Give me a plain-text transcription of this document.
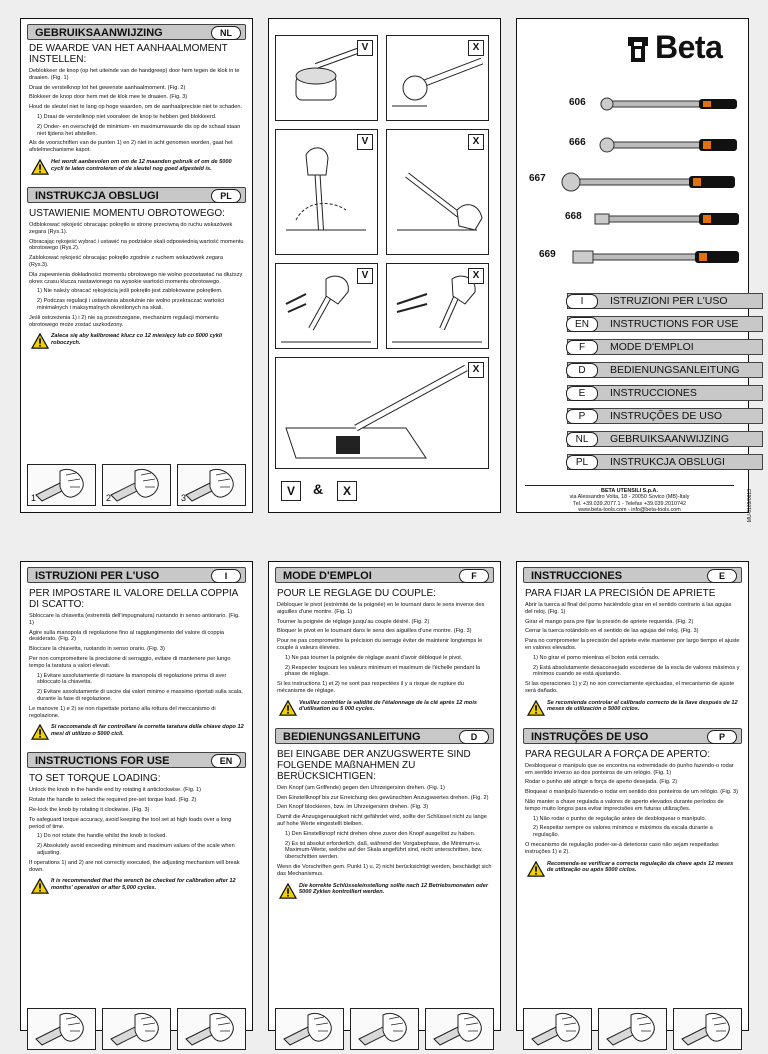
GEBRUIKSAANWIJZING	NL
DE WAARDE VAN HET AANHAALMOMENT INSTELLEN:
Deblokkeer de knop (op het uiteinde van de handgreep) door hem tegen de klok in te draaien. (Fig. 1)
Draai de verstelknop tot het gewenste aanhaalmoment. (Fig. 2)
Blokkeer de knop door hem met de klok mee te draaien. (Fig. 3)
Houd de sleutel niet te lang op hoge waarden, om de aanhaalprecisie niet te schaden.
1) Draai de verstelknop niet vooraleer de knop te hebben ged blokkeerd.
2) Onder- en overschrijd de minimum- en maximumwaarde dis op de schaal staan niet tijdens het afstellen.
Als de voorschriften van de punten 1) en 2) niet in acht genomen worden, gaat het afstelmechanisme kapot.
Het wordt aanbevolen om om de 12 maanden gebruik of om de 5000 cycli te laten controleren of de sleutel nog goed afgesteld is.
INSTRUKCJA OBSLUGI	PL
USTAWIENIE MOMENTU OBROTOWEGO:
Odblokować rękojeść obracając pokrętło w stronę przeciwną do ruchu wskazówek zegara (Rys.1).
Obracając rękojeść wybrać i ustawić na podziałce skali odpowiednią wartość momentu obrotowego (Rys.2).
Zablokować rękojeść obracając pokrętło zgodnie z ruchem wskazówek zegara (Rys.3).
Dla zapewnienia dokładności momentu obrotowego nie wolno pozostawiać na dłuższy okres czasu klucza nastawionego na wysokie wartości momentu obrotowego.
1) Nie należy obracać rękojeścią jeśli pokrętło jest zablokowane pokrętłem.
2) Podczas regulacji i ustawiania absolutnie nie wolno przekraczać wartości minimalnych i maksymalnych określonych na skali.
Jeśli ostrzeżenia 1) i 2) nie są przestrzegane, mechanizm regulacji momentu obrotowego może zostać uszkodzony.
Zaleca się aby kalibrować klucz co 12 miesięcy lub co 5000 cykli roboczych.
1	2	3
V	X
V	X
V	X
X
V	&	X
Beta
606
666
667
668
669
I	ISTRUZIONI PER L'USO
EN	INSTRUCTIONS FOR USE
F	MODE D'EMPLOI
D	BEDIENUNGSANLEITUNG
E	INSTRUCCIONES
P	INSTRUÇÕES DE USO
NL	GEBRUIKSAANWIJZING
PL	INSTRUKCJA OBSLUGI
BETA UTENSILI S.p.A.
via Alessandro Volta, 18 - 20050 Sovico (MB)-Italy
Tel. +39.039.2077.1 - Telefax +39.039.2010742
www.beta-tools.com - info@beta-tools.com	MU-0169/0613
ISTRUZIONI PER L'USO	I
PER IMPOSTARE IL VALORE DELLA COPPIA DI SCATTO:
Sbloccare la chiavetta (estremità dell'impugnatura) ruotando in senso antiorario. (Fig. 1)
Agire sulla manopola di regolazione fino al raggiungimento del valore di coppia desiderato. (Fig. 2)
Bloccare la chiavetta, ruotando in senso orario. (Fig. 3)
Per non compromettere la precisione di serraggio, evitare di mantenere per lungo tempo la taratura a valori elevati.
1) Evitare assolutamente di ruotare la manopola di regolazione prima di aver sbloccato la chiavetta.
2) Evitare assolutamente di uscire dai valori minimo e massimo riportati sulla scala, durante la fase di regolazione.
Le manovre 1) e 2) se non rispettate portano alla rottura del meccanismo di regolazione.
Si raccomanda di far controllare la corretta taratura della chiave dopo 12 mesi di utilizzo o 5000 cicli.
INSTRUCTIONS FOR USE	EN
TO SET TORQUE LOADING:
Unlock the knob in the handle end by rotating it anticlockwise. (Fig. 1)
Rotate the handle to select the required pre-set torque load. (Fig. 2)
Re-lock the knob by rotating it clockwise. (Fig. 3)
To safeguard torque accuracy, avoid keeping the tool set at high loads over a long period of time.
1) Do not rotate the handle whilst the knob is locked.
2) Absolutely avoid exceeding minimum and maximum values of the scale when adjusting.
If operations 1) and 2) are not correctly executed, the adjusting mechanism will break down.
It is recommended that the wrench be checked for calibration after 12 months' operation or after 5,000 cycles.
MODE D'EMPLOI	F
POUR LE REGLAGE DU COUPLE:
Débloquer le pivot (extrémité de la poignée) en le tournant dans le sens inverse des aiguilles d'une montre. (Fig. 1)
Tourner la poignée de réglage jusqu'au couple désiré. (Fig. 2)
Bloquer le pivot en le tournant dans le sens des aiguilles d'une montre. (Fig. 3)
Pour ne pas compromettre la précision du serrage éviter de maintenir longtemps le couple à valeurs élevées.
1) Ne pas tourner la poignée de réglage avant d'avoir débloqué le pivot.
2) Respecter toujours les valeurs minimum et maximum de l'échelle pendant la phase de réglage.
Si les instructions 1) et 2) ne sont pas respectées il y a risque de rupture du mécanisme de réglage.
Veuillez contrôler la validité de l'étalonnage de la clé après 12 mois d'utilisation ou 5 000 cycles.
BEDIENUNGSANLEITUNG	D
BEI EINGABE DER ANZUGSWERTE SIND FOLGENDE MAßNAHMEN ZU BERÜCKSICHTIGEN:
Den Knopf (am Griffende) gegen den Uhrzeigersinn drehen. (Fig. 1)
Den Einstellknopf bis zur Erreichung des gewünschten Anzugswertes drehen. (Fig. 2)
Den Knopf blockieren, bzw. im Uhrzeigersinn drehen. (Fig. 3)
Damit die Anzugsgenauigkeit nicht gefährdet wird, sollte der Schlüssel nicht zu lange auf hohe Werte eingestellt bleiben.
1) Den Einstellknopf nicht drehen ohne zuvor den Knopf ausgelöst zu haben.
2) Es ist absolut erforderlich, daß, während der Vorgabephase, die Minimum-u. Maximum-Werte, welche auf der Skala angeführt sind, nicht unterschritten, bzw. überschritten werden.
Wenn die Vorschriften gem. Punkt 1) u. 2) nicht berücksichtigt werden, beschädigt sich das Mechanismus.
Die korrekte Schlüsseleinstellung sollte nach 12 Betriebsmonaten oder 5000 Zyklen kontrolliert werden.
INSTRUCCIONES	E
PARA FIJAR LA PRECISIÓN DE APRIETE
Abrir la tuerca al final del pomo haciéndolo girar en el sentido contrario a las agujas del reloj. (Fig. 1)
Girar el mango para pre fijar la presión de apriete requerida. (Fig. 2)
Cerrar la tuerca rotándolo en el sentido de las agujas del reloj. (Fig. 3)
Para no comprometer la precisión del apriete evite mantener por largo tiempo el ajuste en valores elevados.
1) No girar el pomo mientras el boton está cerrado.
2) Está absolutamente desaconsejado excederse de la escla de valores máximos y mínimos cuando se está ajustando.
Si las operaciones 1) y 2) no son correctamente ejectuadas, el mecanismo de ajuste será dañado.
Se recomienda controlar el calibrado correcto de la llave después de 12 meses de utilización o 5000 ciclos.
INSTRUÇÕES DE USO	P
PARA REGULAR A FORÇA DE APERTO:
Desbloquear o manípulo que se encontra na extremidade do punho fazendo-o rodar em sentido inverso ao dos ponteiros de um relógio. (Fig. 1)
Rodar o punho até atingir a força de aperto desejada. (Fig. 2)
Bloquear o manípulo fazendo-o rodar em sentido dos ponteiros de um relógio. (Fig. 3)
Não manter a chave regulada a valores de aperto elevados durante períodos de tempo muito longos para evitar imprecisões em futuras utilizações.
1) Não rodar o punho de regulação antes de desbloquear o manípulo.
2) Respeitar sempre os valores mínimos e máximos da escala durante a regulação.
O mecanismo de regulação poder-se-á deteriorar caso não sejam respeitadas instruções 1) e 2).
Recomenda-se verificar a correcta regulação da chave após 12 meses de utilização ou após 5000 ciclos.
